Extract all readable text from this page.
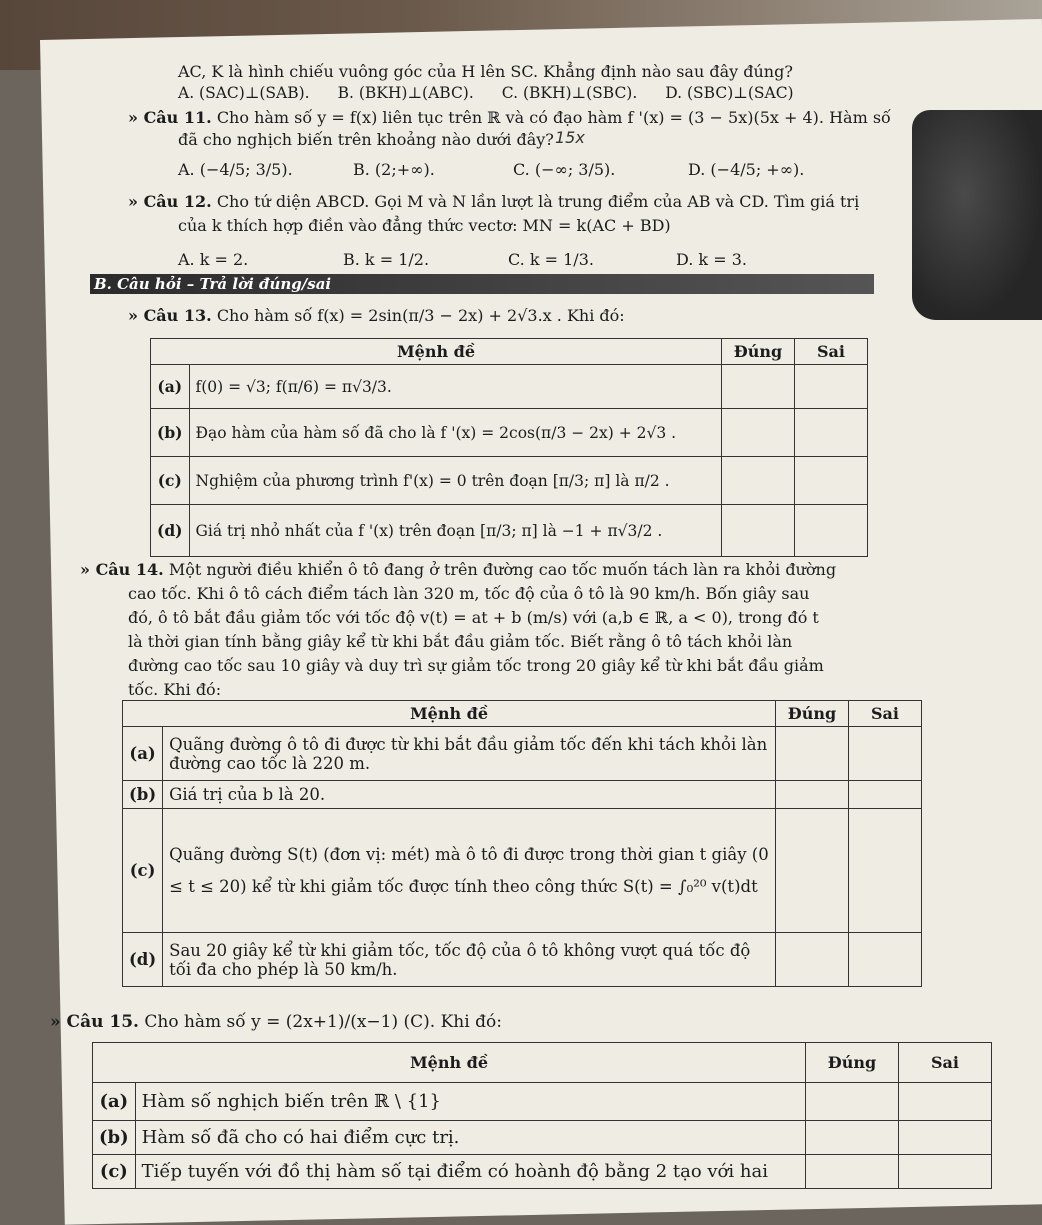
AC, K là hình chiếu vuông góc của H lên SC. Khẳng định nào sau đây đúng?
A. (SAC)⊥(SAB). B. (BKH)⊥(ABC). C. (BKH)⊥(SBC). D. (SBC)⊥(SAC)
» Câu 11. Cho hàm số y = f(x) liên tục trên ℝ và có đạo hàm f '(x) = (3 − 5x)(5x + 4). Hàm số
đã cho nghịch biến trên khoảng nào dưới đây? 15x
A. (−4/5; 3/5).	B. (2;+∞).	C. (−∞; 3/5).	D. (−4/5; +∞).
» Câu 12. Cho tứ diện ABCD. Gọi M và N lần lượt là trung điểm của AB và CD. Tìm giá trị
của k thích hợp điền vào đẳng thức vectơ: MN = k(AC + BD)
A. k = 2.	B. k = 1/2.	C. k = 1/3.	D. k = 3.
B. Câu hỏi – Trả lời đúng/sai
» Câu 13. Cho hàm số f(x) = 2sin(π/3 − 2x) + 2√3.x . Khi đó:
Mệnh đề		Đúng	Sai
(a)	f(0) = √3; f(π/6) = π√3/3.		
(b)	Đạo hàm của hàm số đã cho là f '(x) = 2cos(π/3 − 2x) + 2√3 .		
(c)	Nghiệm của phương trình f'(x) = 0 trên đoạn [π/3; π] là π/2 .		
(d)	Giá trị nhỏ nhất của f '(x) trên đoạn [π/3; π] là −1 + π√3/2 .		
» Câu 14. Một người điều khiển ô tô đang ở trên đường cao tốc muốn tách làn ra khỏi đường
cao tốc. Khi ô tô cách điểm tách làn 320 m, tốc độ của ô tô là 90 km/h. Bốn giây sau
đó, ô tô bắt đầu giảm tốc với tốc độ v(t) = at + b (m/s) với (a,b ∈ ℝ, a < 0), trong đó t
là thời gian tính bằng giây kể từ khi bắt đầu giảm tốc. Biết rằng ô tô tách khỏi làn
đường cao tốc sau 10 giây và duy trì sự giảm tốc trong 20 giây kể từ khi bắt đầu giảm
tốc. Khi đó:
Mệnh đề		Đúng	Sai
(a)	Quãng đường ô tô đi được từ khi bắt đầu giảm tốc đến khi tách khỏi làn đường cao tốc là 220 m.		
(b)	Giá trị của b là 20.		
(c)	Quãng đường S(t) (đơn vị: mét) mà ô tô đi được trong thời gian t giây (0 ≤ t ≤ 20) kể từ khi giảm tốc được tính theo công thức S(t) = ∫₀²⁰ v(t)dt		
(d)	Sau 20 giây kể từ khi giảm tốc, tốc độ của ô tô không vượt quá tốc độ tối đa cho phép là 50 km/h.		
» Câu 15. Cho hàm số y = (2x+1)/(x−1) (C). Khi đó:
Mệnh đề		Đúng	Sai
(a)	Hàm số nghịch biến trên ℝ \ {1}		
(b)	Hàm số đã cho có hai điểm cực trị.		
(c)	Tiếp tuyến với đồ thị hàm số tại điểm có hoành độ bằng 2 tạo với hai		
